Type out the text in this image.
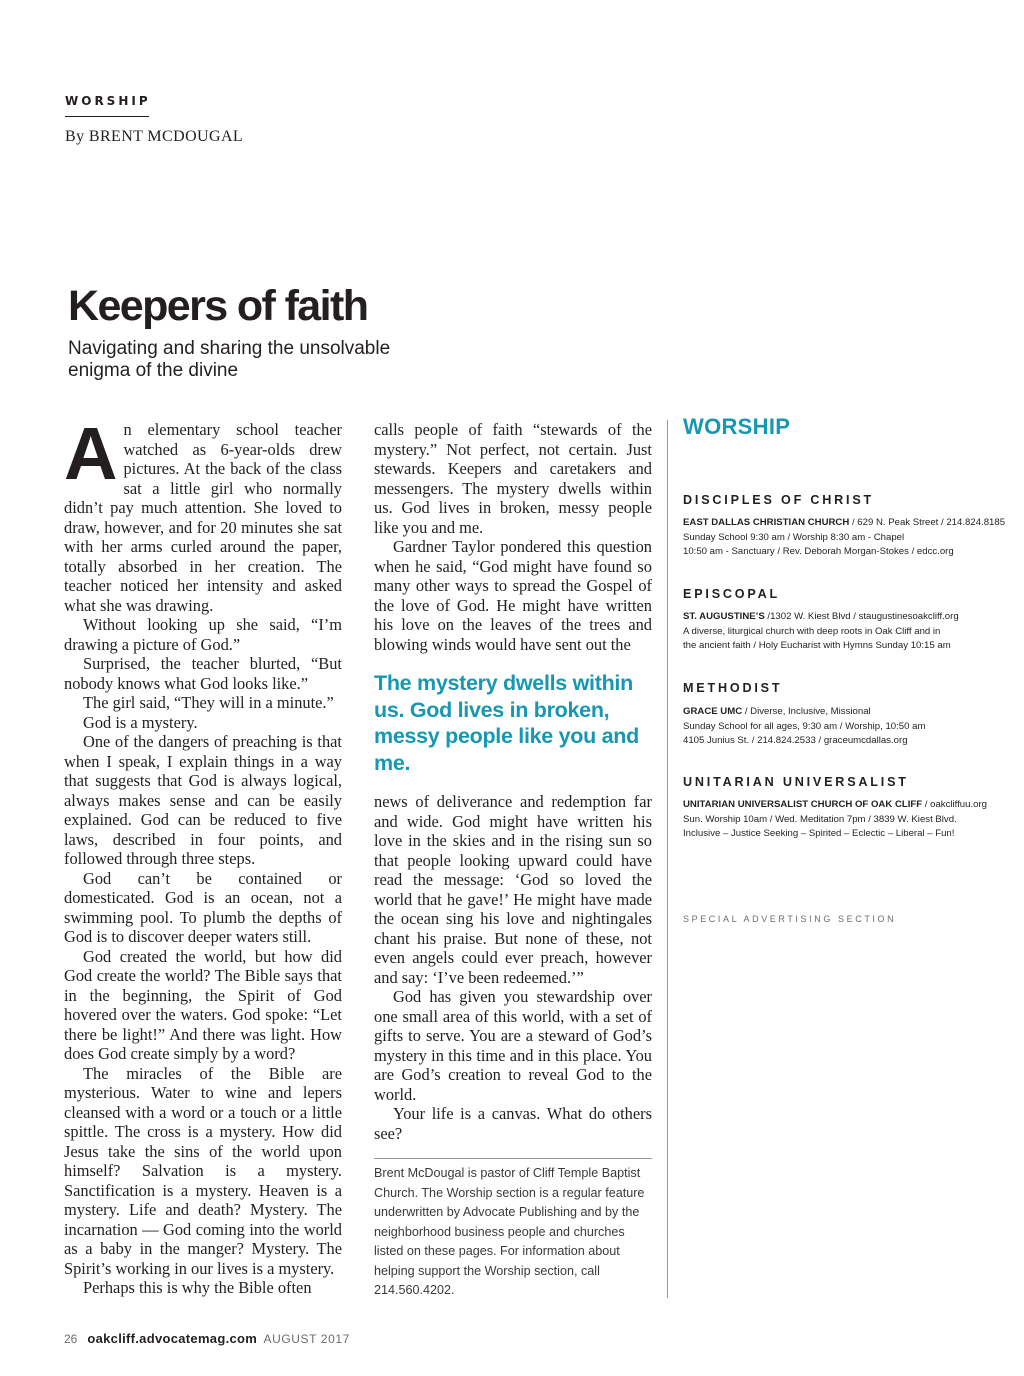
WORSHIP
By BRENT MCDOUGAL
Keepers of faith

Navigating and sharing the unsolvable enigma of the divine

An elementary school teacher watched as 6-year-olds drew pictures. At the back of the class sat a little girl who normally didn’t pay much attention. She loved to draw, however, and for 20 minutes she sat with her arms curled around the paper, totally absorbed in her creation. The teacher noticed her intensity and asked what she was drawing.

Without looking up she said, “I’m drawing a picture of God.”

Surprised, the teacher blurted, “But nobody knows what God looks like.”

The girl said, “They will in a minute.”

God is a mystery.

One of the dangers of preaching is that when I speak, I explain things in a way that suggests that God is always logical, always makes sense and can be easily explained. God can be reduced to five laws, described in four points, and followed through three steps.

God can’t be contained or domesticated. God is an ocean, not a swimming pool. To plumb the depths of God is to discover deeper waters still.

God created the world, but how did God create the world? The Bible says that in the beginning, the Spirit of God hovered over the waters. God spoke: “Let there be light!” And there was light. How does God create simply by a word?

The miracles of the Bible are mysterious. Water to wine and lepers cleansed with a word or a touch or a little spittle. The cross is a mystery. How did Jesus take the sins of the world upon himself? Salvation is a mystery. Sanctification is a mystery. Heaven is a mystery. Life and death? Mystery. The incarnation — God coming into the world as a baby in the manger? Mystery. The Spirit’s working in our lives is a mystery.

Perhaps this is why the Bible often

calls people of faith “stewards of the mystery.” Not perfect, not certain. Just stewards. Keepers and caretakers and messengers. The mystery dwells within us. God lives in broken, messy people like you and me.

Gardner Taylor pondered this question when he said, “God might have found so many other ways to spread the Gospel of the love of God. He might have written his love on the leaves of the trees and blowing winds would have sent out the

The mystery dwells within us. God lives in broken, messy people like you and me.

news of deliverance and redemption far and wide. God might have written his love in the skies and in the rising sun so that people looking upward could have read the message: ‘God so loved the world that he gave!’ He might have made the ocean sing his love and nightingales chant his praise. But none of these, not even angels could ever preach, however and say: ‘I’ve been redeemed.’”

God has given you stewardship over one small area of this world, with a set of gifts to serve. You are a steward of God’s mystery in this time and in this place. You are God’s creation to reveal God to the world.

Your life is a canvas. What do others see?

Brent McDougal is pastor of Cliff Temple Baptist Church. The Worship section is a regular feature underwritten by Advocate Publishing and by the neighborhood business people and churches listed on these pages. For information about helping support the Worship section, call 214.560.4202.

WORSHIP
DISCIPLES OF CHRIST
EAST DALLAS CHRISTIAN CHURCH / 629 N. Peak Street / 214.824.8185
Sunday School 9:30 am / Worship 8:30 am - Chapel
10:50 am - Sanctuary / Rev. Deborah Morgan-Stokes / edcc.org
EPISCOPAL
ST. AUGUSTINE’S /1302 W. Kiest Blvd / staugustinesoakcliff.org
A diverse, liturgical church with deep roots in Oak Cliff and in
the ancient faith / Holy Eucharist with Hymns Sunday 10:15 am
METHODIST
GRACE UMC / Diverse, Inclusive, Missional
Sunday School for all ages, 9:30 am / Worship, 10:50 am
4105 Junius St. / 214.824.2533 / graceumcdallas.org
UNITARIAN UNIVERSALIST
UNITARIAN UNIVERSALIST CHURCH OF OAK CLIFF / oakcliffuu.org
Sun. Worship 10am / Wed. Meditation 7pm / 3839 W. Kiest Blvd.
Inclusive – Justice Seeking – Spirited – Eclectic – Liberal – Fun!
SPECIAL ADVERTISING SECTION
26 oakcliff.advocatemag.com AUGUST 2017
